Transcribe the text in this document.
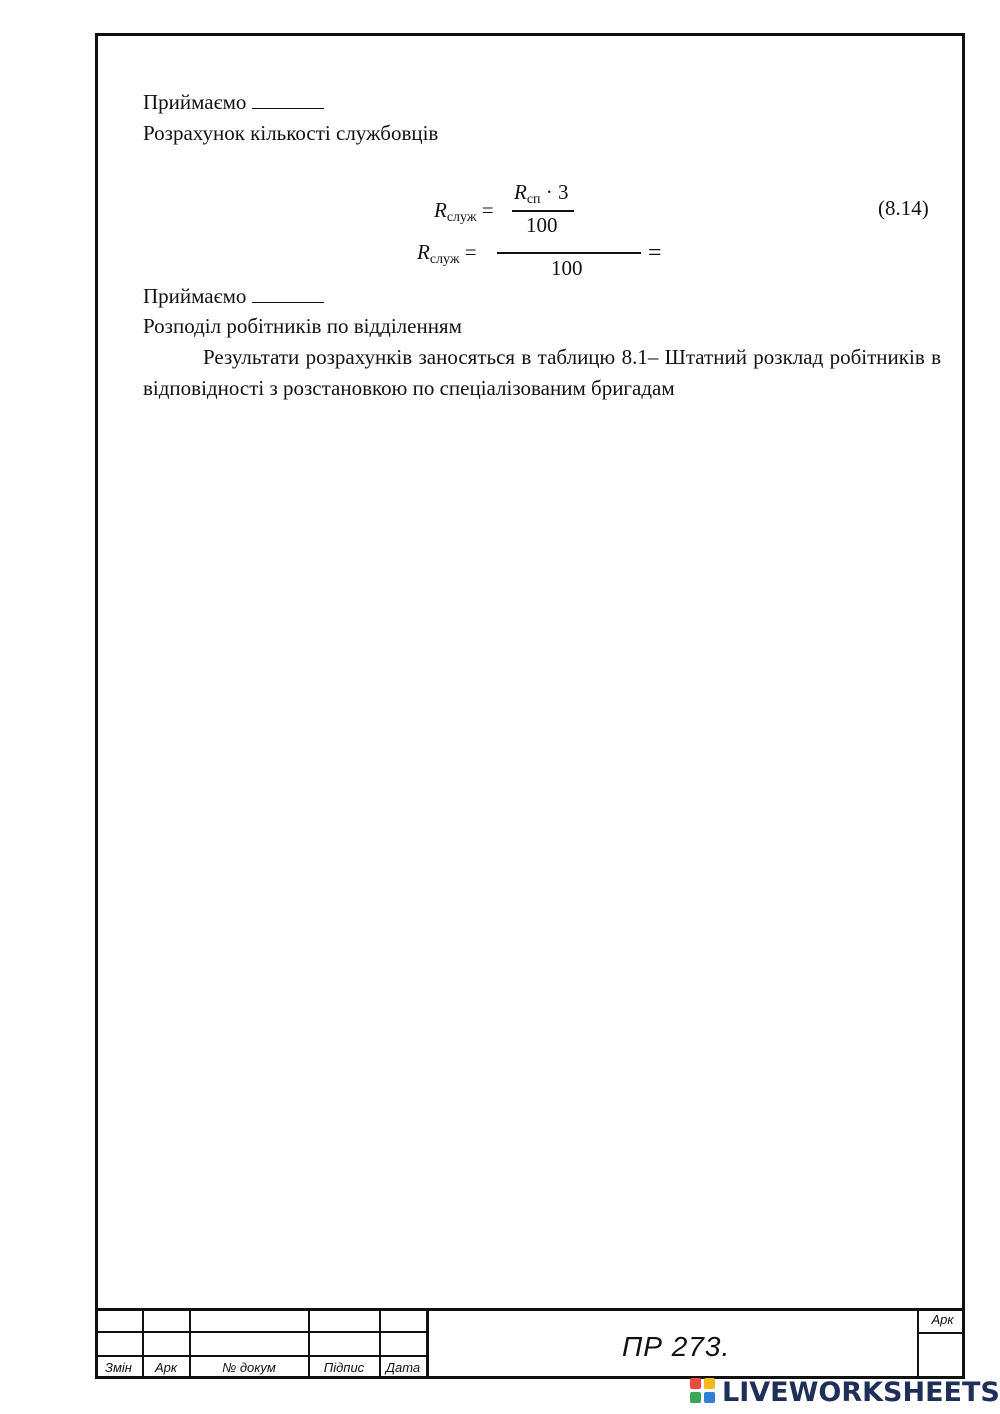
Приймаємо
Розрахунок кількості службовців
$R_{служ}$ =
$R_{сп} \cdot 3$
100
(8.14)
$R_{служ}$ =
100
=
Приймаємо
Розподіл робітників по відділенням
Результати розрахунків заносяться в таблицю 8.1– Штатний розклад робітників в відповідності з розстановкою по спеціалізованим бригадам
Змін	Арк	№ докум	Підпис	Дата
ПР 273.
Арк
LIVEWORKSHEETS
